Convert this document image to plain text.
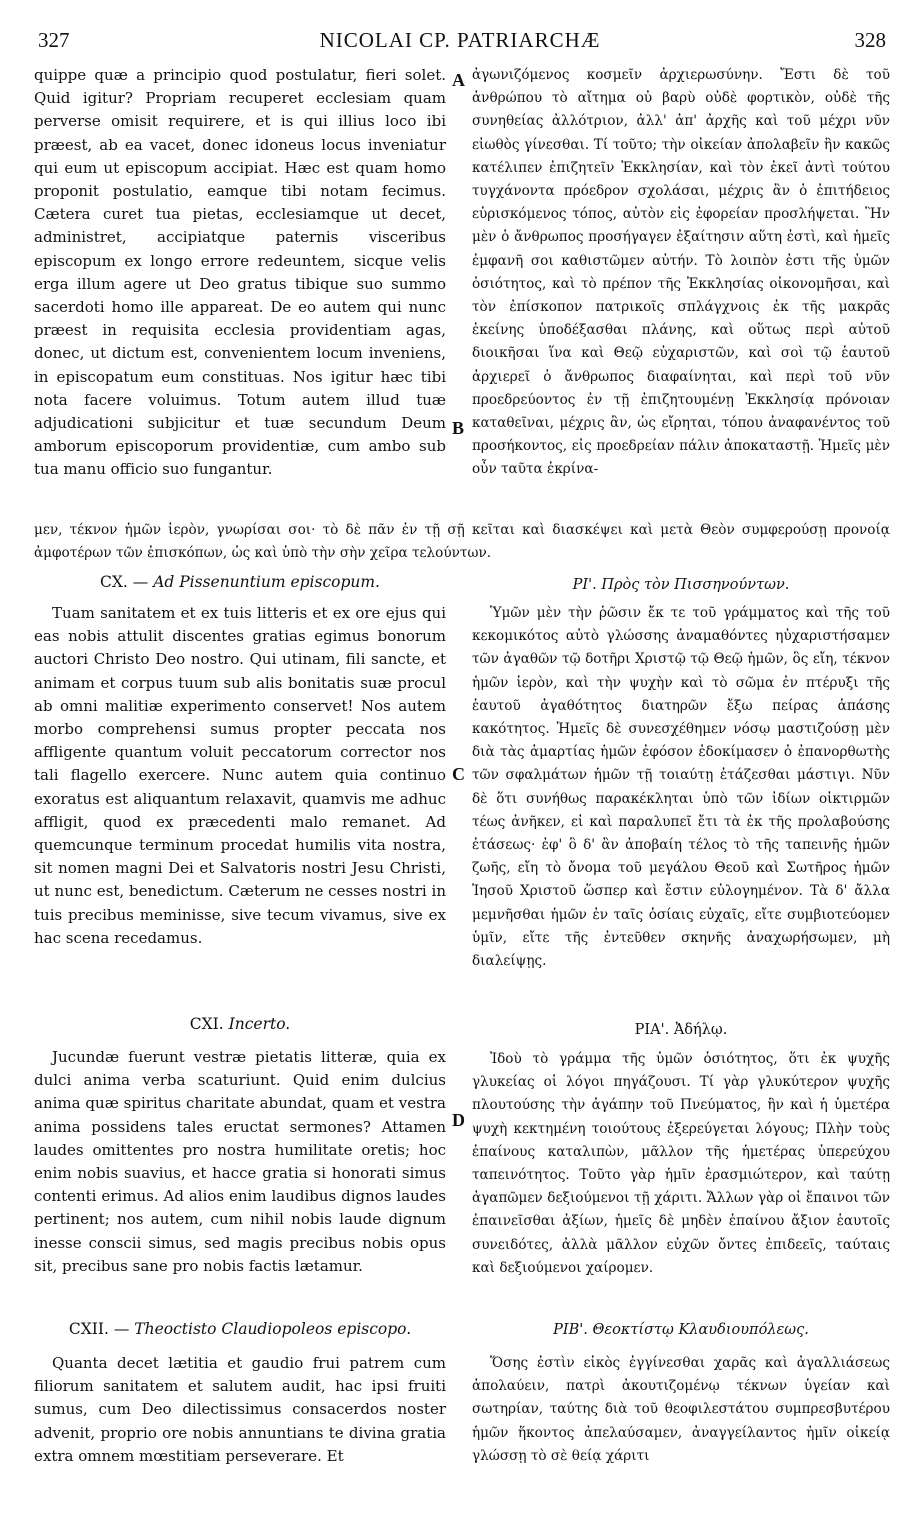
327	NICOLAI CP. PATRIARCHÆ	328
A
B
C
D

quippe quæ a principio quod postulatur, fieri solet. Quid igitur? Propriam recuperet ecclesiam quam perverse omisit requirere, et is qui illius loco ibi præest, ab ea vacet, donec idoneus locus inveniatur qui eum ut episcopum accipiat. Hæc est quam homo proponit postulatio, eamque tibi notam fecimus. Cætera curet tua pietas, ecclesiamque ut decet, administret, accipiatque paternis visceribus episcopum ex longo errore redeuntem, sicque velis erga illum agere ut Deo gratus tibique suo summo sacerdoti homo ille appareat. De eo autem qui nunc præest in requisita ecclesia providentiam agas, donec, ut dictum est, convenientem locum inveniens, in episcopatum eum constituas. Nos igitur hæc tibi nota facere voluimus. Totum autem illud tuæ adjudicationi subjicitur et tuæ secundum Deum amborum episcoporum providentiæ, cum ambo sub tua manu officio suo fungantur.

μεν, τέκνον ἡμῶν ἱερὸν, γνωρίσαι σοι· τὸ δὲ πᾶν ἐν τῇ σῇ κεῖται καὶ διασκέψει καὶ μετὰ Θεὸν συμφερούσῃ προνοίᾳ ἀμφοτέρων τῶν ἐπισκόπων, ὡς καὶ ὑπὸ τὴν σὴν χεῖρα τελούντων.

CX. — Ad Pissenuntium episcopum.

Tuam sanitatem et ex tuis litteris et ex ore ejus qui eas nobis attulit discentes gratias egimus bonorum auctori Christo Deo nostro. Qui utinam, fili sancte, et animam et corpus tuum sub alis bonitatis suæ procul ab omni malitiæ experimento conservet! Nos autem morbo comprehensi sumus propter peccata nos affligente quantum voluit peccatorum corrector nos tali flagello exercere. Nunc autem quia continuo exoratus est aliquantum relaxavit, quamvis me adhuc affligit, quod ex præcedenti malo remanet. Ad quemcunque terminum procedat humilis vita nostra, sit nomen magni Dei et Salvatoris nostri Jesu Christi, ut nunc est, benedictum. Cæterum ne cesses nostri in tuis precibus meminisse, sive tecum vivamus, sive ex hac scena recedamus.

CXI. Incerto.

Jucundæ fuerunt vestræ pietatis litteræ, quia ex dulci anima verba scaturiunt. Quid enim dulcius anima quæ spiritus charitate abundat, quam et vestra anima possidens tales eructat sermones? Attamen laudes omittentes pro nostra humilitate oretis; hoc enim nobis suavius, et hacce gratia si honorati simus contenti erimus. Ad alios enim laudibus dignos laudes pertinent; nos autem, cum nihil nobis laude dignum inesse conscii simus, sed magis precibus nobis opus sit, precibus sane pro nobis factis lætamur.

CXII. — Theoctisto Claudiopoleos episcopo.

Quanta decet lætitia et gaudio frui patrem cum filiorum sanitatem et salutem audit, hac ipsi fruiti sumus, cum Deo dilectissimus consacerdos noster advenit, proprio ore nobis annuntians te divina gratia extra omnem mœstitiam perseverare. Et

ἀγωνιζόμενος κοσμεῖν ἀρχιερωσύνην. Ἔστι δὲ τοῦ ἀνθρώπου τὸ αἴτημα οὐ βαρὺ οὐδὲ φορτικὸν, οὐδὲ τῆς συνηθείας ἀλλότριον, ἀλλ' ἀπ' ἀρχῆς καὶ τοῦ μέχρι νῦν εἰωθὸς γίνεσθαι. Τί τοῦτο; τὴν οἰκείαν ἀπολαβεῖν ἣν κακῶς κατέλιπεν ἐπιζητεῖν Ἐκκλησίαν, καὶ τὸν ἐκεῖ ἀντὶ τούτου τυγχάνοντα πρόεδρον σχολάσαι, μέχρις ἂν ὁ ἐπιτήδειος εὑρισκόμενος τόπος, αὐτὸν εἰς ἐφορείαν προσλήψεται. Ἣν μὲν ὁ ἄνθρωπος προσήγαγεν ἐξαίτησιν αὕτη ἐστὶ, καὶ ἡμεῖς ἐμφανῆ σοι καθιστῶμεν αὐτήν. Τὸ λοιπὸν ἐστι τῆς ὑμῶν ὁσιότητος, καὶ τὸ πρέπον τῆς Ἐκκλησίας οἰκονομῆσαι, καὶ τὸν ἐπίσκοπον πατρικοῖς σπλάγχνοις ἐκ τῆς μακρᾶς ἐκείνης ὑποδέξασθαι πλάνης, καὶ οὕτως περὶ αὐτοῦ διοικῆσαι ἵνα καὶ Θεῷ εὐχαριστῶν, καὶ σοὶ τῷ ἑαυτοῦ ἀρχιερεῖ ὁ ἄνθρωπος διαφαίνηται, καὶ περὶ τοῦ νῦν προεδρεύοντος ἐν τῇ ἐπιζητουμένῃ Ἐκκλησίᾳ πρόνοιαν καταθεῖναι, μέχρις ἂν, ὡς εἴρηται, τόπου ἀναφανέντος τοῦ προσήκοντος, εἰς προεδρείαν πάλιν ἀποκαταστῇ. Ἡμεῖς μὲν οὖν ταῦτα ἐκρίνα-

ΡΙ'. Πρὸς τὸν Πισσηνούντων.

Ὑμῶν μὲν τὴν ῥῶσιν ἔκ τε τοῦ γράμματος καὶ τῆς τοῦ κεκομικότος αὐτὸ γλώσσης ἀναμαθόντες ηὐχαριστήσαμεν τῶν ἀγαθῶν τῷ δοτῆρι Χριστῷ τῷ Θεῷ ἡμῶν, ὃς εἴη, τέκνον ἡμῶν ἱερὸν, καὶ τὴν ψυχὴν καὶ τὸ σῶμα ἐν πτέρυξι τῆς ἑαυτοῦ ἀγαθότητος διατηρῶν ἔξω πείρας ἁπάσης κακότητος. Ἡμεῖς δὲ συνεσχέθημεν νόσῳ μαστιζούσῃ μὲν διὰ τὰς ἁμαρτίας ἡμῶν ἐφόσον ἐδοκίμασεν ὁ ἐπανορθωτὴς τῶν σφαλμάτων ἡμῶν τῇ τοιαύτῃ ἐτάζεσθαι μάστιγι. Νῦν δὲ ὅτι συνήθως παρακέκληται ὑπὸ τῶν ἰδίων οἰκτιρμῶν τέως ἀνῆκεν, εἰ καὶ παραλυπεῖ ἔτι τὰ ἐκ τῆς προλαβούσης ἐτάσεως· ἐφ' ὃ δ' ἂν ἀποβαίη τέλος τὸ τῆς ταπεινῆς ἡμῶν ζωῆς, εἴη τὸ ὄνομα τοῦ μεγάλου Θεοῦ καὶ Σωτῆρος ἡμῶν Ἰησοῦ Χριστοῦ ὥσπερ καὶ ἔστιν εὐλογημένον. Τὰ δ' ἄλλα μεμνῆσθαι ἡμῶν ἐν ταῖς ὁσίαις εὐχαῖς, εἴτε συμβιοτεύομεν ὑμῖν, εἴτε τῆς ἐντεῦθεν σκηνῆς ἀναχωρήσωμεν, μὴ διαλείψῃς.

ΡΙΑ'. Ἀδήλῳ.

Ἰδοὺ τὸ γράμμα τῆς ὑμῶν ὁσιότητος, ὅτι ἐκ ψυχῆς γλυκείας οἱ λόγοι πηγάζουσι. Τί γὰρ γλυκύτερον ψυχῆς πλουτούσης τὴν ἀγάπην τοῦ Πνεύματος, ἣν καὶ ἡ ὑμετέρα ψυχὴ κεκτημένη τοιούτους ἐξερεύγεται λόγους; Πλὴν τοὺς ἐπαίνους καταλιπὼν, μᾶλλον τῆς ἡμετέρας ὑπερεύχου ταπεινότητος. Τοῦτο γὰρ ἡμῖν ἐρασμιώτερον, καὶ ταύτῃ ἀγαπῶμεν δεξιούμενοι τῇ χάριτι. Ἄλλων γὰρ οἱ ἔπαινοι τῶν ἐπαινεῖσθαι ἀξίων, ἡμεῖς δὲ μηδὲν ἐπαίνου ἄξιον ἑαυτοῖς συνειδότες, ἀλλὰ μᾶλλον εὐχῶν ὄντες ἐπιδεεῖς, ταύταις καὶ δεξιούμενοι χαίρομεν.

ΡΙΒ'. Θεοκτίστῳ Κλαυδιουπόλεως.

Ὅσης ἐστὶν εἰκὸς ἐγγίνεσθαι χαρᾶς καὶ ἀγαλλιάσεως ἀπολαύειν, πατρὶ ἀκουτιζομένῳ τέκνων ὑγείαν καὶ σωτηρίαν, ταύτης διὰ τοῦ θεοφιλεστάτου συμπρεσβυτέρου ἡμῶν ἥκοντος ἀπελαύσαμεν, ἀναγγείλαντος ἡμῖν οἰκείᾳ γλώσσῃ τὸ σὲ θείᾳ χάριτι
